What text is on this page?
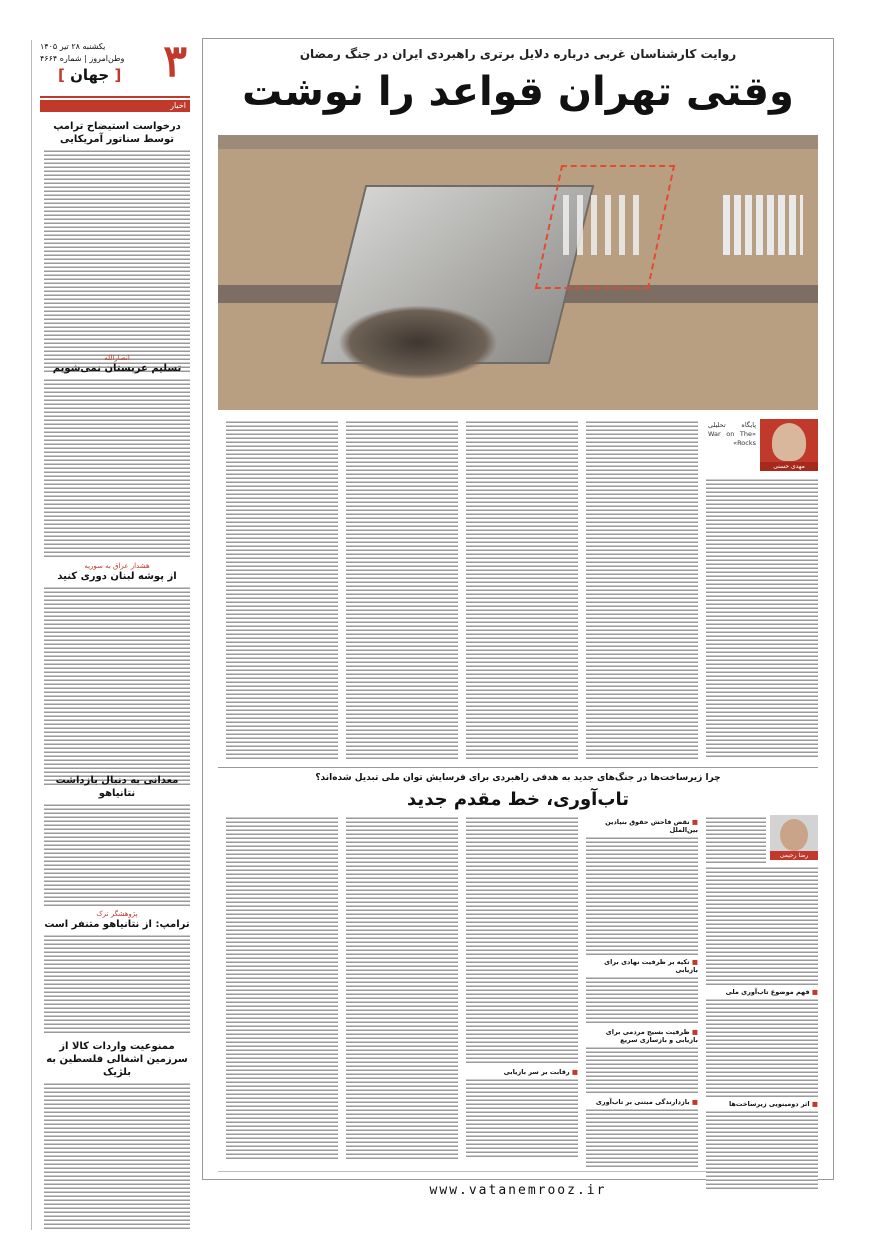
۳
یکشنبه ۲۸ تیر ۱۴۰۵
وطن‌امروز | شماره ۴۶۶۴
[ جهان ]
اخبار
درخواست استیضاح ترامپ توسط سناتور آمریکایی

انصارالله

تسلیم عربستان نمی‌شویم

هشدار عراق به سوریه

از پوشه لبنان دوری کنید
معدانی به دنبال بازداشت نتانیاهو

پژوهشگر ترک

ترامپ: از نتانیاهو متنفر است
ممنوعیت واردات کالا از سرزمین اشغالی فلسطین به بلژیک
روایت کارشناسان غربی درباره دلایل برتری راهبردی ایران در جنگ رمضان
وقتی تهران قواعد را نوشت
مهدی حسنی
پایگاه تحلیلی «War on The Rocks»
چرا زیرساخت‌ها در جنگ‌های جدید به هدفی راهبردی برای فرسایش توان ملی تبدیل شده‌اند؟
تاب‌آوری، خط مقدم جدید
رضا رحیمی
■ فهم موضوع تاب‌آوری ملی
■ اثر دومینویی زیرساخت‌ها
■ نقض فاحش حقوق بنیادین بین‌الملل
■ تکیه بر ظرفیت نهادی برای بازیابی
■ ظرفیت بسیج مردمی برای بازیابی و بازسازی سریع
■ بازدارندگی مبتنی بر تاب‌آوری
■ رقابت بر سر بازیابی
www.vatanemrooz.ir
